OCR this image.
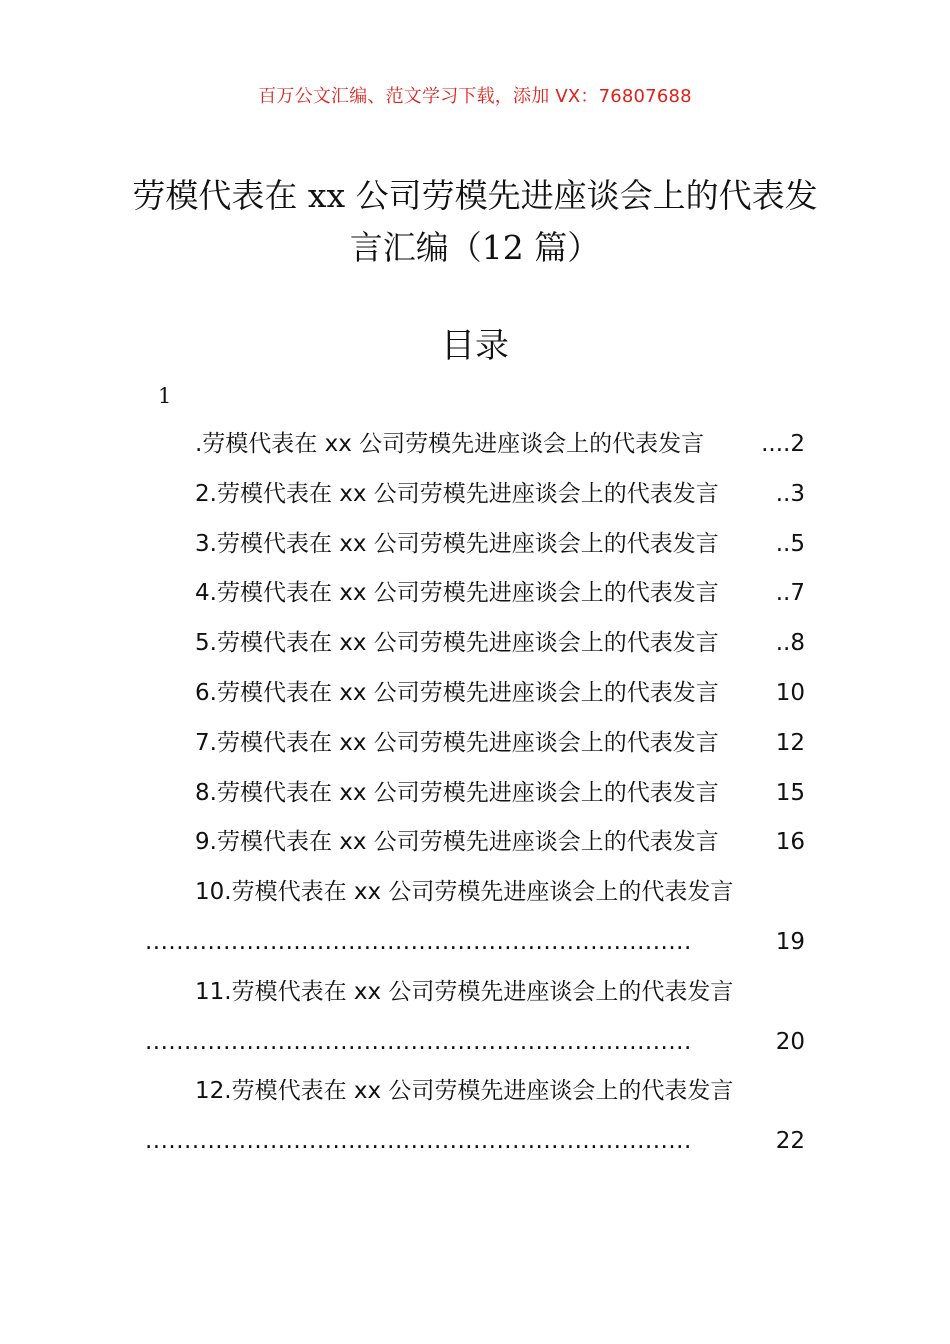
百万公文汇编、范文学习下载，添加 VX：76807688
劳模代表在 xx 公司劳模先进座谈会上的代表发言汇编（12 篇）
目录
1
.劳模代表在 xx 公司劳模先进座谈会上的代表发言	.... 2
2.劳模代表在 xx 公司劳模先进座谈会上的代表发言	.. 3
3.劳模代表在 xx 公司劳模先进座谈会上的代表发言	.. 5
4.劳模代表在 xx 公司劳模先进座谈会上的代表发言	.. 7
5.劳模代表在 xx 公司劳模先进座谈会上的代表发言	.. 8
6.劳模代表在 xx 公司劳模先进座谈会上的代表发言 10
7.劳模代表在 xx 公司劳模先进座谈会上的代表发言 12
8.劳模代表在 xx 公司劳模先进座谈会上的代表发言 15
9.劳模代表在 xx 公司劳模先进座谈会上的代表发言 16
10.劳模代表在 xx 公司劳模先进座谈会上的代表发言
......................................................................	19
11.劳模代表在 xx 公司劳模先进座谈会上的代表发言
......................................................................	20
12.劳模代表在 xx 公司劳模先进座谈会上的代表发言
......................................................................	22
